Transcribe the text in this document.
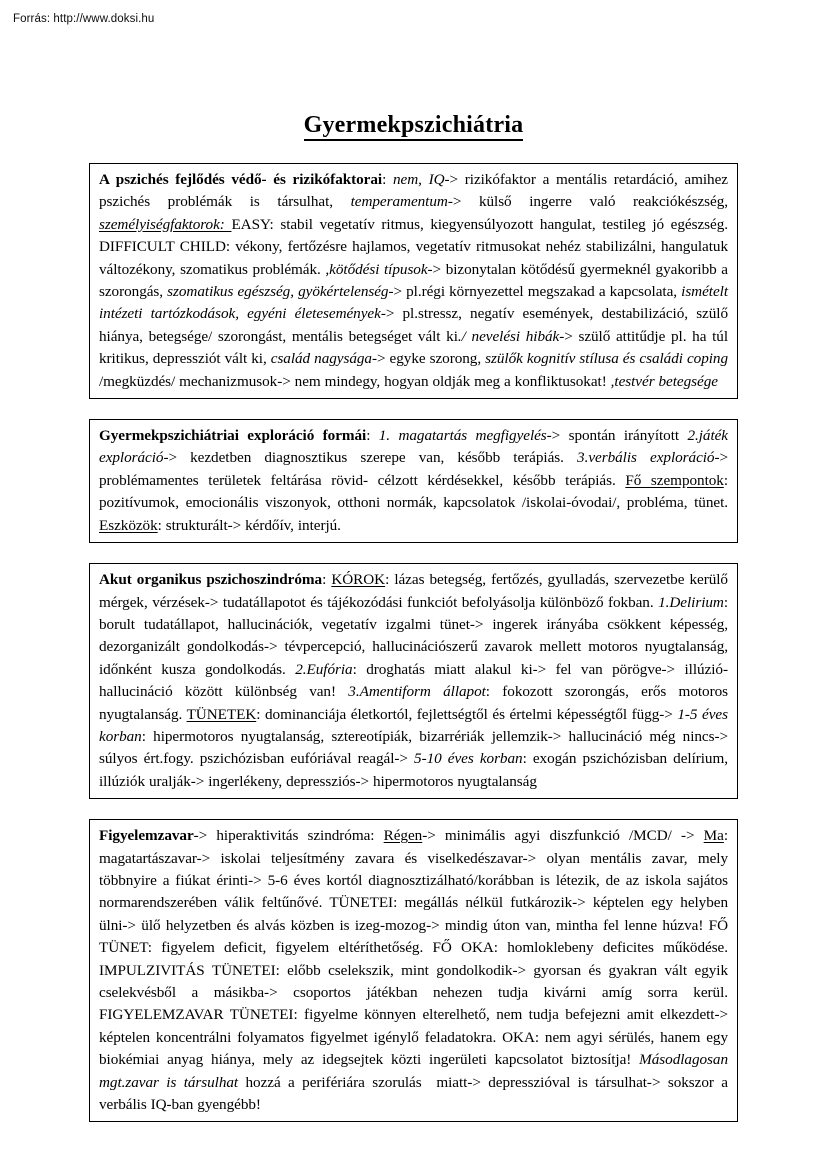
Forrás: http://www.doksi.hu
Gyermekpszichiátria

A pszichés fejlődés védő- és rizikófaktorai: nem, IQ-> rizikófaktor a mentális retardáció, amihez pszichés problémák is társulhat, temperamentum-> külső ingerre való reakciókészség, személyiségfaktorok: EASY: stabil vegetatív ritmus, kiegyensúlyozott hangulat, testileg jó egészség. DIFFICULT CHILD: vékony, fertőzésre hajlamos, vegetatív ritmusokat nehéz stabilizálni, hangulatuk változékony, szomatikus problémák. ,kötődési típusok-> bizonytalan kötődésű gyermeknél gyakoribb a szorongás, szomatikus egészség, gyökértelenség-> pl.régi környezettel megszakad a kapcsolata, ismételt intézeti tartózkodások, egyéni életesemények-> pl.stressz, negatív események, destabilizáció, szülő hiánya, betegsége/ szorongást, mentális betegséget vált ki./ nevelési hibák-> szülő attitűdje pl. ha túl kritikus, depressziót vált ki, család nagysága-> egyke szorong, szülők kognitív stílusa és családi coping /megküzdés/ mechanizmusok-> nem mindegy, hogyan oldják meg a konfliktusokat! ,testvér betegsége

Gyermekpszichiátriai exploráció formái: 1. magatartás megfigyelés-> spontán irányított 2.játék exploráció-> kezdetben diagnosztikus szerepe van, később terápiás. 3.verbális exploráció-> problémamentes területek feltárása rövid- célzott kérdésekkel, később terápiás. Fő szempontok: pozitívumok, emocionális viszonyok, otthoni normák, kapcsolatok /iskolai-óvodai/, probléma, tünet. Eszközök: strukturált-> kérdőív, interjú.

Akut organikus pszichoszindróma: KÓROK: lázas betegség, fertőzés, gyulladás, szervezetbe kerülő mérgek, vérzések-> tudatállapotot és tájékozódási funkciót befolyásolja különböző fokban. 1.Delirium: borult tudatállapot, hallucinációk, vegetatív izgalmi tünet-> ingerek irányába csökkent képesség, dezorganizált gondolkodás-> tévpercepció, hallucinációszerű zavarok mellett motoros nyugtalanság, időnként kusza gondolkodás. 2.Eufória: droghatás miatt alakul ki-> fel van pörögve-> illúzió- hallucináció között különbség van! 3.Amentiform állapot: fokozott szorongás, erős motoros nyugtalanság. TÜNETEK: dominanciája életkortól, fejlettségtől és értelmi képességtől függ-> 1-5 éves korban: hipermotoros nyugtalanság, sztereotípiák, bizarrériák jellemzik-> hallucináció még nincs-> súlyos ért.fogy. pszichózisban eufóriával reagál-> 5-10 éves korban: exogán pszichózisban delírium, illúziók uralják-> ingerlékeny, depressziós-> hipermotoros nyugtalanság

Figyelemzavar-> hiperaktivitás szindróma: Régen-> minimális agyi diszfunkció /MCD/ -> Ma: magatartászavar-> iskolai teljesítmény zavara és viselkedészavar-> olyan mentális zavar, mely többnyire a fiúkat érinti-> 5-6 éves kortól diagnosztizálható/korábban is létezik, de az iskola sajátos normarendszerében válik feltűnővé. TÜNETEI: megállás nélkül futkározik-> képtelen egy helyben ülni-> ülő helyzetben és alvás közben is izeg-mozog-> mindig úton van, mintha fel lenne húzva! FŐ TÜNET: figyelem deficit, figyelem eltéríthetőség. FŐ OKA: homloklebeny deficites működése. IMPULZIVITÁS TÜNETEI: előbb cselekszik, mint gondolkodik-> gyorsan és gyakran vált egyik cselekvésből a másikba-> csoportos játékban nehezen tudja kivárni amíg sorra kerül. FIGYELEMZAVAR TÜNETEI: figyelme könnyen elterelhető, nem tudja befejezni amit elkezdett-> képtelen koncentrálni folyamatos figyelmet igénylő feladatokra. OKA: nem agyi sérülés, hanem egy biokémiai anyag hiánya, mely az idegsejtek közti ingerületi kapcsolatot biztosítja! Másodlagosan mgt.zavar is társulhat hozzá a perifériára szorulás  miatt-> depresszióval is társulhat-> sokszor a verbális IQ-ban gyengébb!
